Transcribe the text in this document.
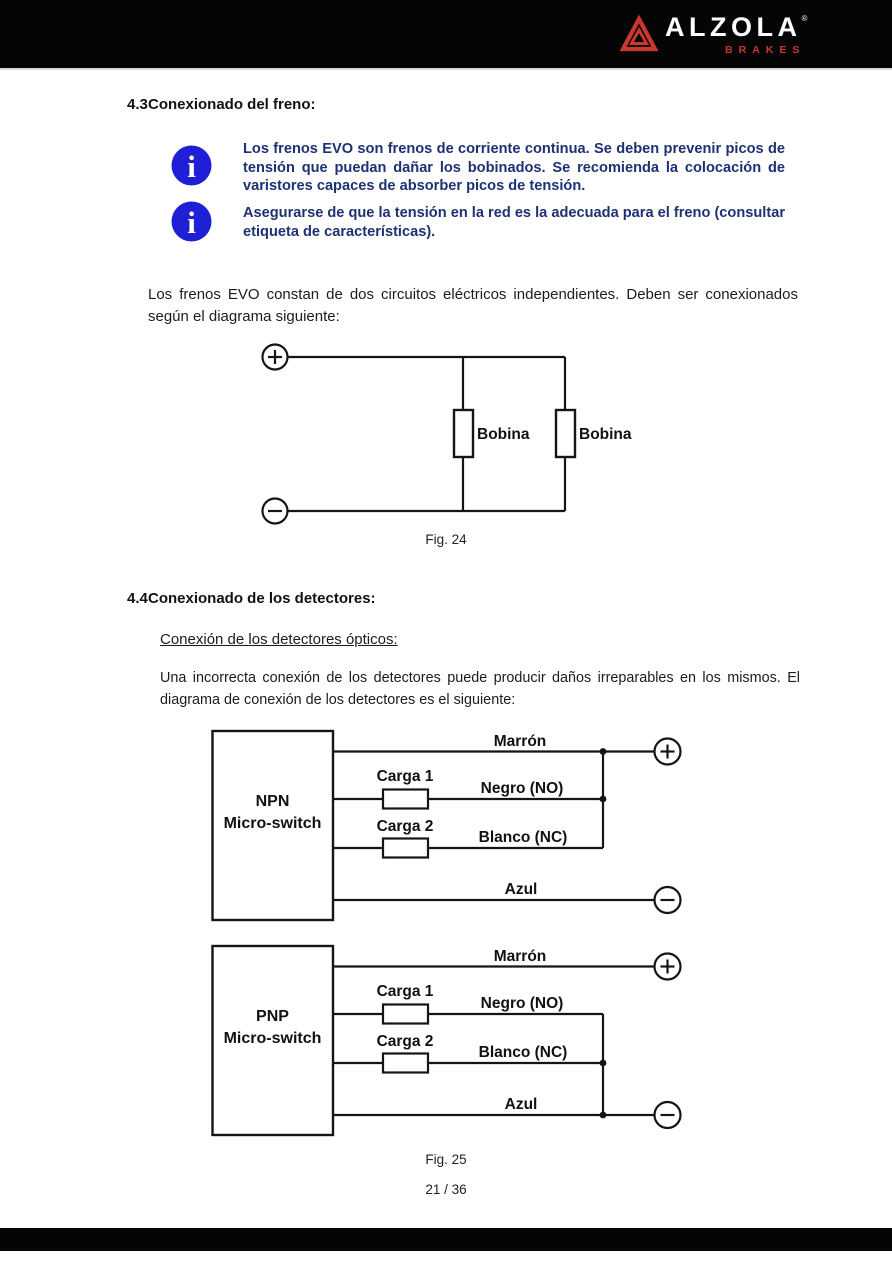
ALZOLA ®
BRAKES
4.3Conexionado del freno:
i	Los frenos EVO son frenos de corriente continua. Se deben prevenir picos de tensión que puedan dañar los bobinados. Se recomienda la colocación de varistores capaces de absorber picos de tensión.
i	Asegurarse de que la tensión en la red es la adecuada para el freno (consultar etiqueta de características).
Los frenos EVO constan de dos circuitos eléctricos independientes. Deben ser conexionados según el diagrama siguiente:
Bobina	Bobina
Fig. 24
4.4Conexionado de los detectores:
Conexión de los detectores ópticos:
Una incorrecta conexión de los detectores puede producir daños irreparables en los mismos. El diagrama de conexión de los detectores es el siguiente:
NPN
Micro-switch
Marrón
Carga 1
Negro (NO)
Carga 2
Blanco (NC)
Azul
PNP
Micro-switch
Marrón
Carga 1
Negro (NO)
Carga 2
Blanco (NC)
Azul
Fig. 25
21 / 36
